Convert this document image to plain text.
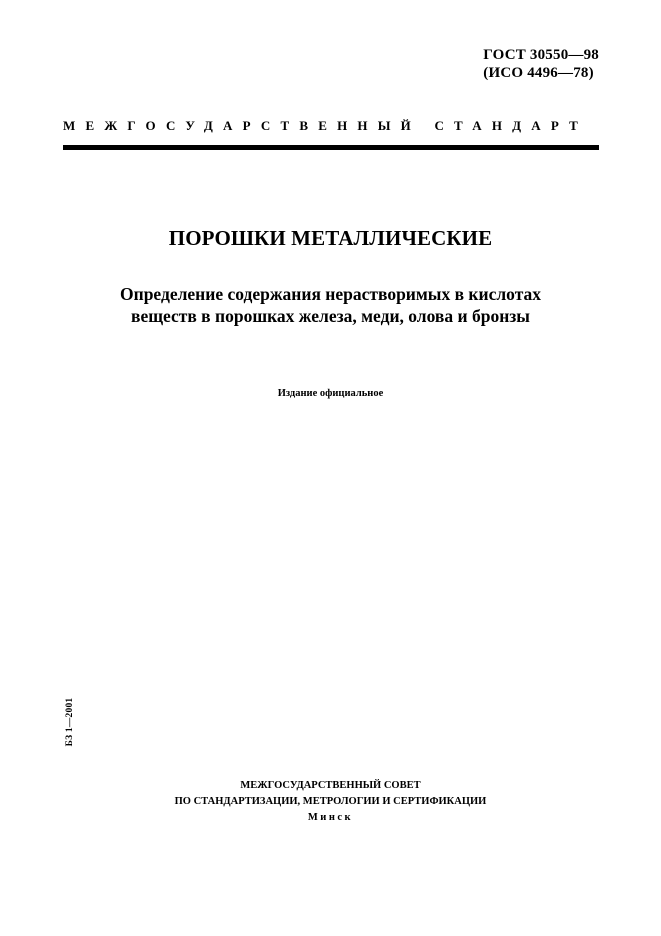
ГОСТ 30550—98
(ИСО 4496—78)
МЕЖГОСУДАРСТВЕННЫЙ СТАНДАРТ
ПОРОШКИ МЕТАЛЛИЧЕСКИЕ
Определение содержания нерастворимых в кислотах
веществ в порошках железа, меди, олова и бронзы
Издание официальное
БЗ 1—2001
МЕЖГОСУДАРСТВЕННЫЙ СОВЕТ
ПО СТАНДАРТИЗАЦИИ, МЕТРОЛОГИИ И СЕРТИФИКАЦИИ
Минск
